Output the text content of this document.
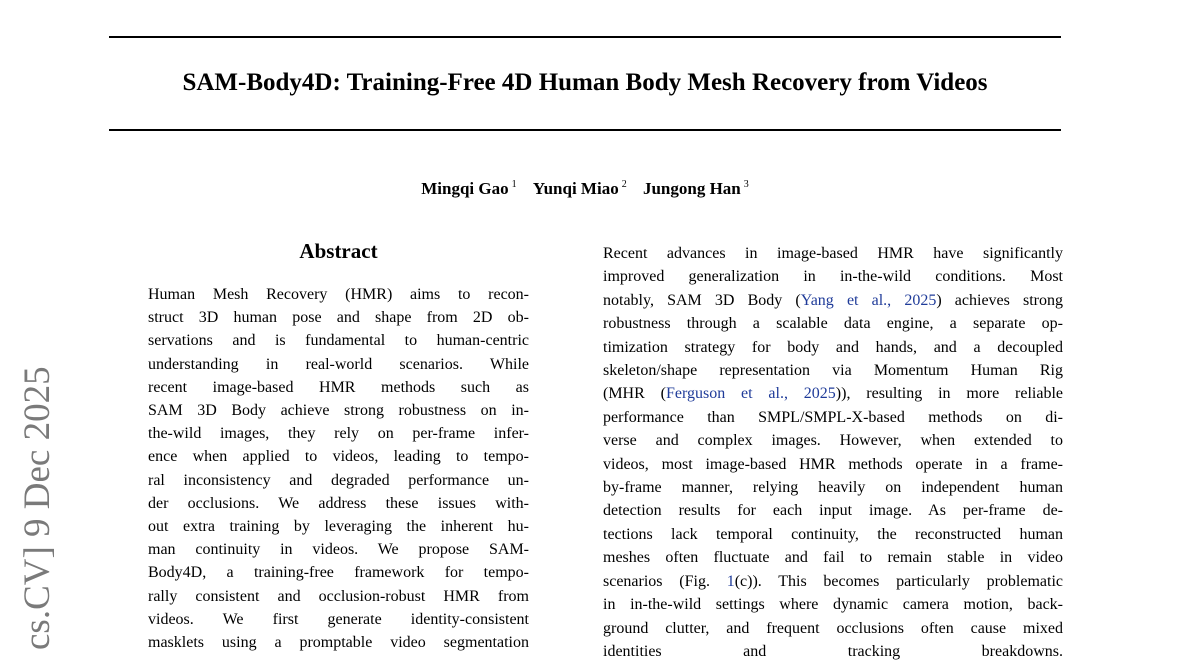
SAM-Body4D: Training-Free 4D Human Body Mesh Recovery from Videos
Mingqi Gao $^1$ Yunqi Miao $^2$ Jungong Han $^3$
cs.CV] 9 Dec 2025
Abstract
Human Mesh Recovery (HMR) aims to recon-
struct 3D human pose and shape from 2D ob-
servations and is fundamental to human-centric
understanding in real-world scenarios. While
recent image-based HMR methods such as
SAM 3D Body achieve strong robustness on in-
the-wild images, they rely on per-frame infer-
ence when applied to videos, leading to tempo-
ral inconsistency and degraded performance un-
der occlusions. We address these issues with-
out extra training by leveraging the inherent hu-
man continuity in videos. We propose SAM-
Body4D, a training-free framework for tempo-
rally consistent and occlusion-robust HMR from
videos. We first generate identity-consistent
masklets using a promptable video segmentation
Recent advances in image-based HMR have significantly
improved generalization in in-the-wild conditions. Most
notably, SAM 3D Body (Yang et al., 2025) achieves strong
robustness through a scalable data engine, a separate op-
timization strategy for body and hands, and a decoupled
skeleton/shape representation via Momentum Human Rig
(MHR (Ferguson et al., 2025)), resulting in more reliable
performance than SMPL/SMPL-X-based methods on di-
verse and complex images. However, when extended to
videos, most image-based HMR methods operate in a frame-
by-frame manner, relying heavily on independent human
detection results for each input image. As per-frame de-
tections lack temporal continuity, the reconstructed human
meshes often fluctuate and fail to remain stable in video
scenarios (Fig. 1(c)). This becomes particularly problematic
in in-the-wild settings where dynamic camera motion, back-
ground clutter, and frequent occlusions often cause mixed
identities and tracking breakdowns.
